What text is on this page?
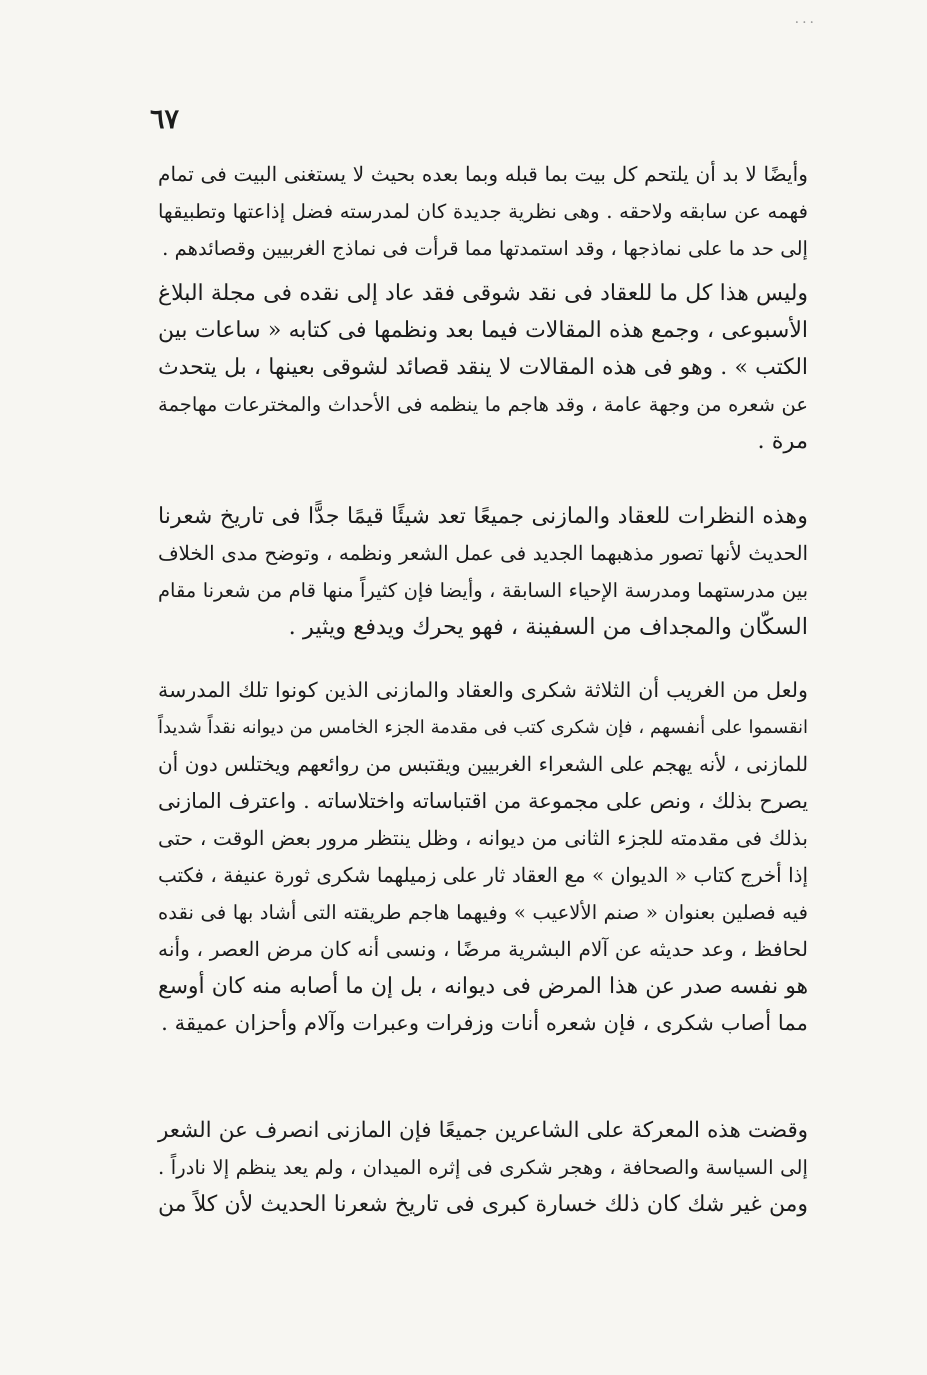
...
٦٧
وأيضًا لا بد أن يلتحم كل بيت بما قبله وبما بعده بحيث لا يستغنى البيت فى تمام
فهمه عن سابقه ولاحقه . وهى نظرية جديدة كان لمدرسته فضل إذاعتها وتطبيقها
إلى حد ما على نماذجها ، وقد استمدتها مما قرأت فى نماذج الغربيين وقصائدهم .
وليس هذا كل ما للعقاد فى نقد شوقى فقد عاد إلى نقده فى مجلة البلاغ
الأسبوعى ، وجمع هذه المقالات فيما بعد ونظمها فى كتابه « ساعات بين
الكتب » . وهو فى هذه المقالات لا ينقد قصائد لشوقى بعينها ، بل يتحدث
عن شعره من وجهة عامة ، وقد هاجم ما ينظمه فى الأحداث والمخترعات مهاجمة
مرة .
وهذه النظرات للعقاد والمازنى جميعًا تعد شيئًا قيمًا جدًّا فى تاريخ شعرنا
الحديث لأنها تصور مذهبهما الجديد فى عمل الشعر ونظمه ، وتوضح مدى الخلاف
بين مدرستهما ومدرسة الإحياء السابقة ، وأيضا فإن كثيراً منها قام من شعرنا مقام
السكّان والمجداف من السفينة ، فهو يحرك ويدفع ويثير .
ولعل من الغريب أن الثلاثة شكرى والعقاد والمازنى الذين كونوا تلك المدرسة
انقسموا على أنفسهم ، فإن شكرى كتب فى مقدمة الجزء الخامس من ديوانه نقداً شديداً
للمازنى ، لأنه يهجم على الشعراء الغربيين ويقتبس من روائعهم ويختلس دون أن
يصرح بذلك ، ونص على مجموعة من اقتباساته واختلاساته . واعترف المازنى
بذلك فى مقدمته للجزء الثانى من ديوانه ، وظل ينتظر مرور بعض الوقت ، حتى
إذا أخرج كتاب « الديوان » مع العقاد ثار على زميلهما شكرى ثورة عنيفة ، فكتب
فيه فصلين بعنوان « صنم الألاعيب » وفيهما هاجم طريقته التى أشاد بها فى نقده
لحافظ ، وعد حديثه عن آلام البشرية مرضًا ، ونسى أنه كان مرض العصر ، وأنه
هو نفسه صدر عن هذا المرض فى ديوانه ، بل إن ما أصابه منه كان أوسع
مما أصاب شكرى ، فإن شعره أنات وزفرات وعبرات وآلام وأحزان عميقة .
وقضت هذه المعركة على الشاعرين جميعًا فإن المازنى انصرف عن الشعر
إلى السياسة والصحافة ، وهجر شكرى فى إثره الميدان ، ولم يعد ينظم إلا نادراً .
ومن غير شك كان ذلك خسارة كبرى فى تاريخ شعرنا الحديث لأن كلاً من
